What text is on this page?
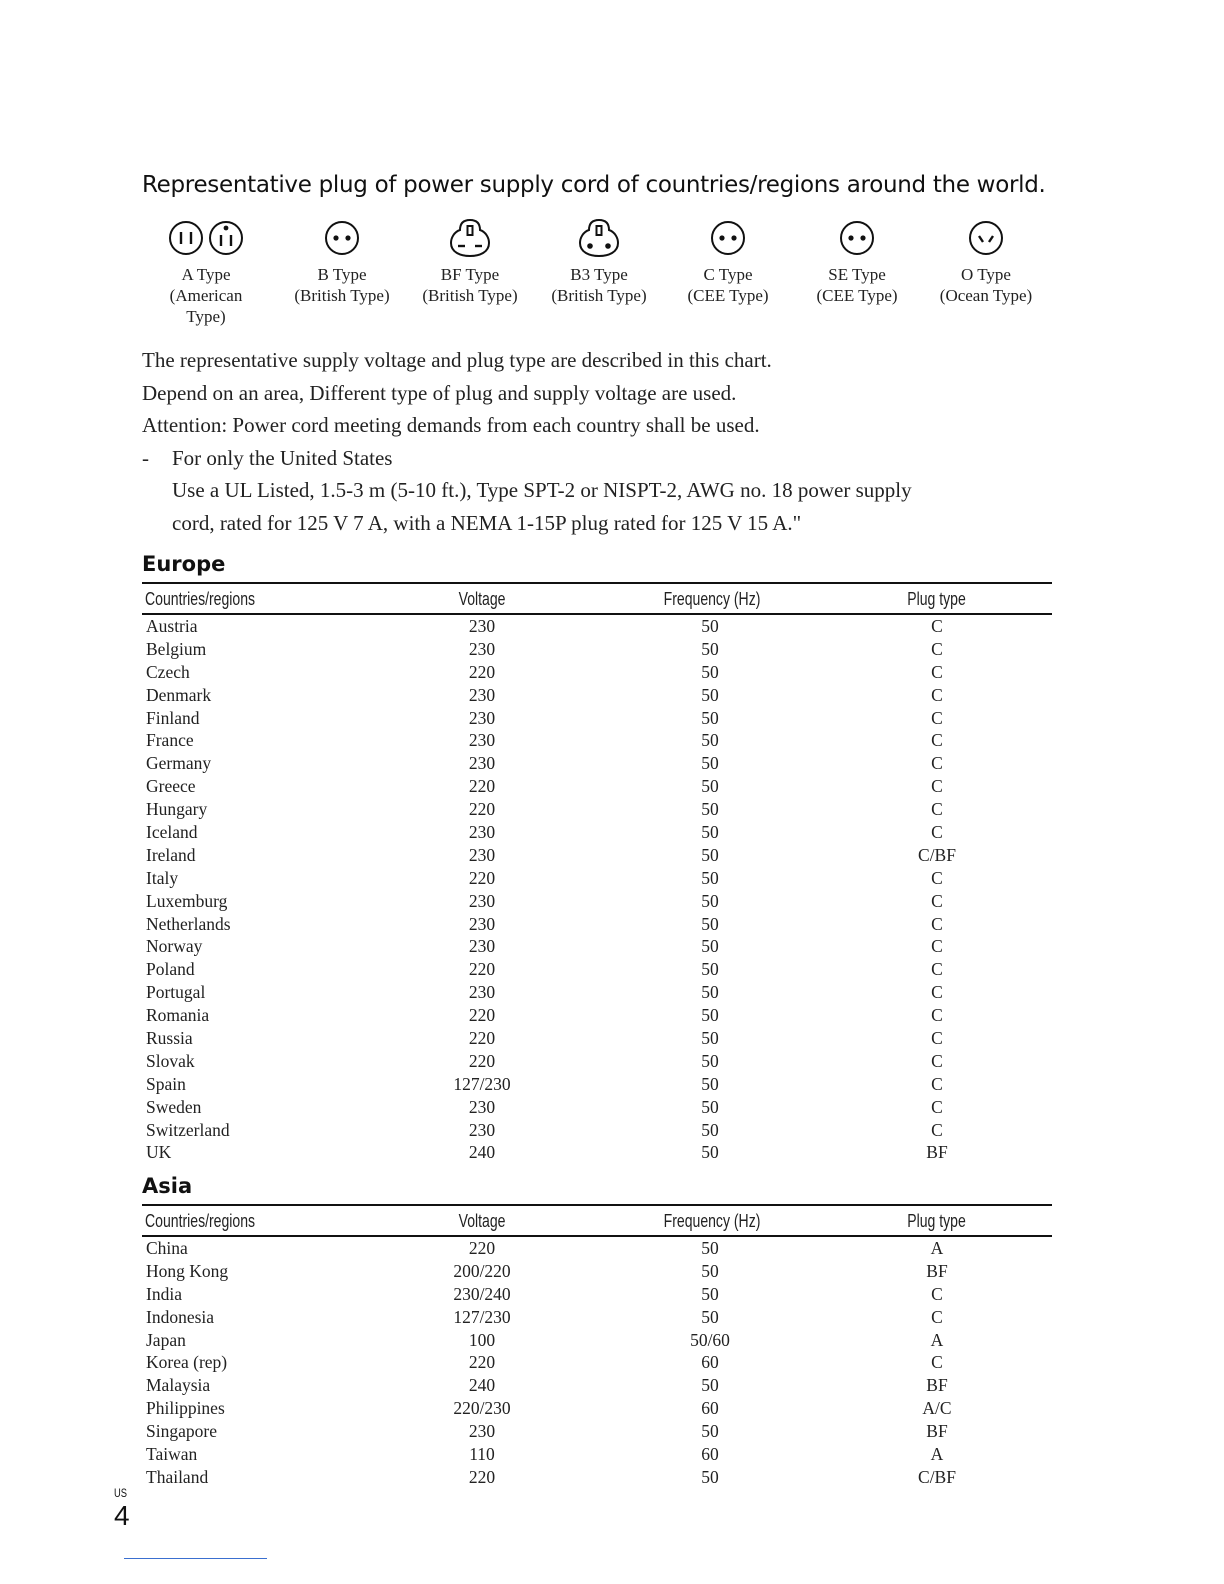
Representative plug of power supply cord of countries/regions around the world.
A Type
(American Type)
B Type
(British Type)
BF Type
(British Type)
B3 Type
(British Type)
C Type
(CEE Type)
SE Type
(CEE Type)
O Type
(Ocean Type)
The representative supply voltage and plug type are described in this chart.
Depend on an area, Different type of plug and supply voltage are used.
Attention: Power cord meeting demands from each country shall be used.
-	For only the United States
Use a UL Listed, 1.5-3 m (5-10 ft.), Type SPT-2 or NISPT-2, AWG no. 18 power supply
cord, rated for 125 V 7 A, with a NEMA 1-15P plug rated for 125 V 15 A."
Europe
Countries/regions	Voltage	Frequency (Hz)	Plug type
Austria	230	50	C
Belgium	230	50	C
Czech	220	50	C
Denmark	230	50	C
Finland	230	50	C
France	230	50	C
Germany	230	50	C
Greece	220	50	C
Hungary	220	50	C
Iceland	230	50	C
Ireland	230	50	C/BF
Italy	220	50	C
Luxemburg	230	50	C
Netherlands	230	50	C
Norway	230	50	C
Poland	220	50	C
Portugal	230	50	C
Romania	220	50	C
Russia	220	50	C
Slovak	220	50	C
Spain	127/230	50	C
Sweden	230	50	C
Switzerland	230	50	C
UK	240	50	BF
Asia
Countries/regions	Voltage	Frequency (Hz)	Plug type
China	220	50	A
Hong Kong	200/220	50	BF
India	230/240	50	C
Indonesia	127/230	50	C
Japan	100	50/60	A
Korea (rep)	220	60	C
Malaysia	240	50	BF
Philippines	220/230	60	A/C
Singapore	230	50	BF
Taiwan	110	60	A
Thailand	220	50	C/BF
US
4
